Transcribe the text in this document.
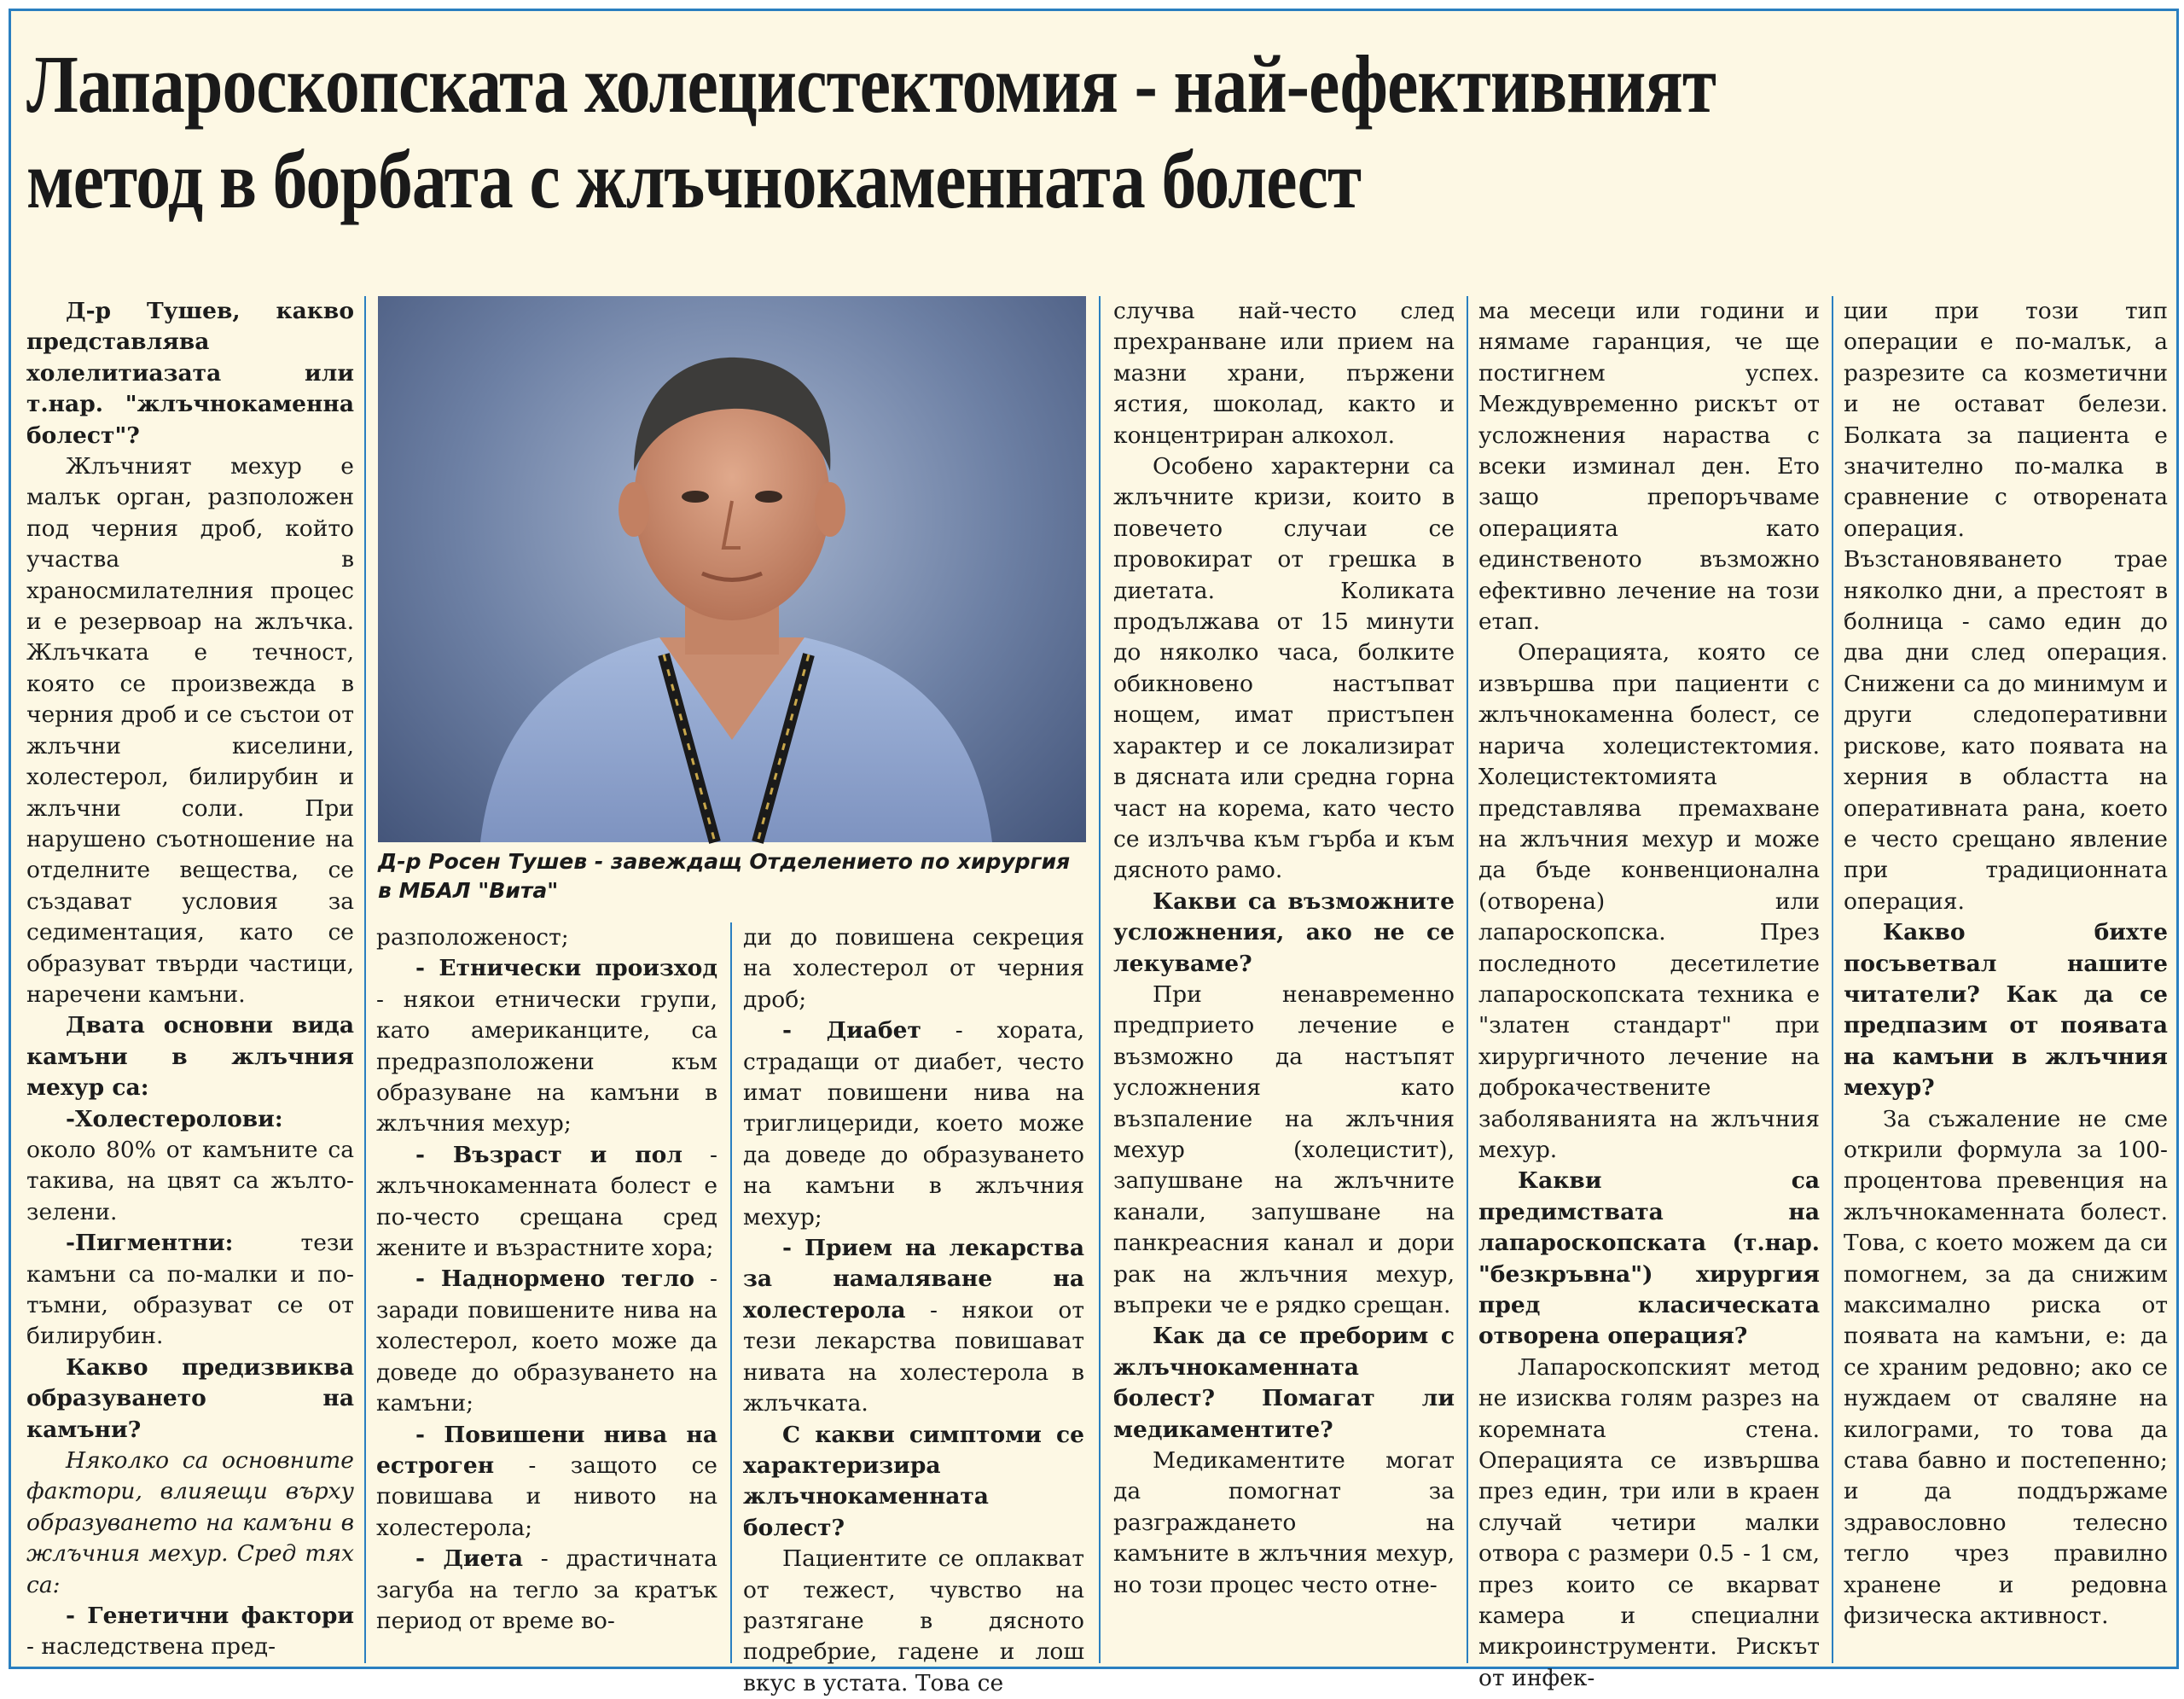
Лапароскопската холецистектомия - най-ефективният
метод в борбата с жлъчнокаменната болест

Д-р Тушев, какво представлява холелитиазата или т.нар. "жлъчнокаменна болест"?

Жлъчният мехур е малък орган, разположен под черния дроб, който участва в храносмилателния процес и е резервоар на жлъчка. Жлъчката е течност, която се произвежда в черния дроб и се състои от жлъчни киселини, холестерол, билирубин и жлъчни соли. При нарушено съотношение на отделните вещества, се създават условия за седиментация, като се образуват твърди частици, наречени камъни.

Двата основни вида камъни в жлъчния мехур са:

-Холестеролови: около 80% от камъните са такива, на цвят са жълто-зелени.

-Пигментни: тези камъни са по-малки и по-тъмни, образуват се от билирубин.

Какво предизвиква образуването на камъни?

Няколко са основните фактори, влияещи върху образуването на камъни в жлъчния мехур. Сред тях са:

- Генетични фактори - наследствена пред-

Д-р Росен Тушев - завеждащ Отделението по хирургия в МБАЛ "Вита"

разположеност;

- Етнически произход - някои етнически групи, като американците, са предразположени към образуване на камъни в жлъчния мехур;

- Възраст и пол - жлъчнокаменната болест е по-често срещана сред жените и възрастните хора;

- Наднормено тегло - заради повишените нива на холестерол, което може да доведе до образуването на камъни;

- Повишени нива на естроген - защото се повишава и нивото на холестерола;

- Диета - драстичната загуба на тегло за кратък период от време во-

ди до повишена секреция на холестерол от черния дроб;

- Диабет - хората, страдащи от диабет, често имат повишени нива на триглицериди, което може да доведе до образуването на камъни в жлъчния мехур;

- Прием на лекарства за намаляване на холестерола - някои от тези лекарства повишават нивата на холестерола в жлъчката.

С какви симптоми се характеризира жлъчнокаменната болест?

Пациентите се оплакват от тежест, чувство на разтягане в дясното подребрие, гадене и лош вкус в устата. Това се

случва най-често след прехранване или прием на мазни храни, пържени ястия, шоколад, както и концентриран алкохол.

Особено характерни са жлъчните кризи, които в повечето случаи се провокират от грешка в диетата. Коликата продължава от 15 минути до няколко часа, болките обикновено настъпват нощем, имат пристъпен характер и се локализират в дясната или средна горна част на корема, като често се излъчва към гърба и към дясното рамо.

Какви са възможните усложнения, ако не се лекуваме?

При ненавременно предприето лечение е възможно да настъпят усложнения като възпаление на жлъчния мехур (холецистит), запушване на жлъчните канали, запушване на панкреасния канал и дори рак на жлъчния мехур, въпреки че е рядко срещан.

Как да се преборим с жлъчнокаменната болест? Помагат ли медикаментите?

Медикаментите могат да помогнат за разграждането на камъните в жлъчния мехур, но този процес често отне-

ма месеци или години и нямаме гаранция, че ще постигнем успех. Междувременно рискът от усложнения нараства с всеки изминал ден. Ето защо препоръчваме операцията като единственото възможно ефективно лечение на този етап.

Операцията, която се извършва при пациенти с жлъчнокаменна болест, се нарича холецистектомия. Холецистектомията представлява премахване на жлъчния мехур и може да бъде конвенционална (отворена) или лапароскопска. През последното десетилетие лапароскопската техника е "златен стандарт" при хирургичното лечение на доброкачествените заболяванията на жлъчния мехур.

Какви са предимствата на лапароскопската (т.нар. "безкръвна") хирургия пред класическата отворена операция?

Лапароскопският метод не изисква голям разрез на коремната стена. Операцията се извършва през един, три или в краен случай четири малки отвора с размери 0.5 - 1 см, през които се вкарват камера и специални микроинструменти. Рискът от инфек-

ции при този тип операции е по-малък, а разрезите са козметични и не остават белези. Болката за пациента е значително по-малка в сравнение с отворената операция. Възстановяването трае няколко дни, а престоят в болница - само един до два дни след операция. Снижени са до минимум и други следоперативни рискове, като появата на херния в областта на оперативната рана, което е често срещано явление при традиционната операция.

Какво бихте посъветвал нашите читатели? Как да се предпазим от появата на камъни в жлъчния мехур?

За съжаление не сме открили формула за 100-процентова превенция на жлъчнокаменната болест. Това, с което можем да си помогнем, за да снижим максимално риска от появата на камъни, е: да се храним редовно; ако се нуждаем от сваляне на килограми, то това да става бавно и постепенно; и да поддържаме здравословно телесно тегло чрез правилно хранене и редовна физическа активност.
